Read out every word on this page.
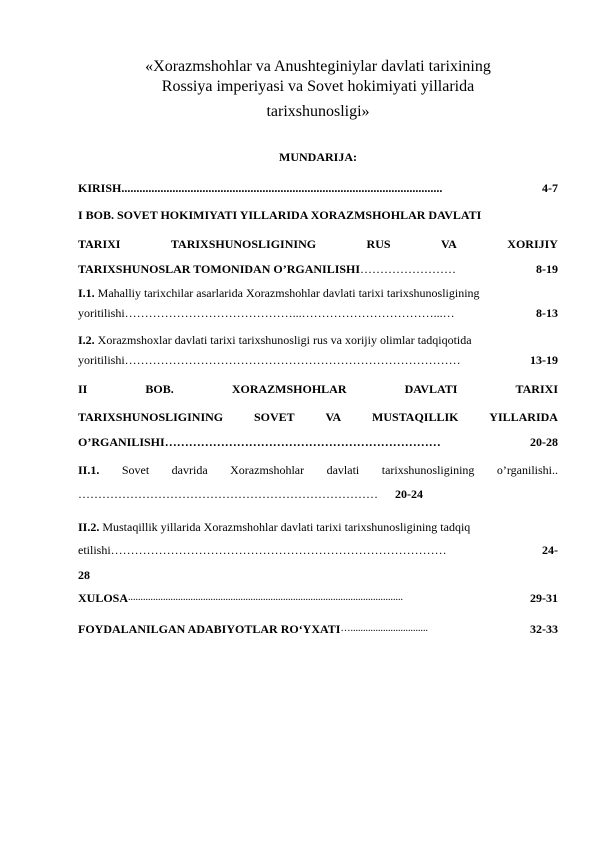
«Xorazmshohlar va Anushteginiylar davlati tarixining
Rossiya imperiyasi va Sovet hokimiyati yillarida
tarixshunosligi»
MUNDARIJA:
KIRISH ...........................................................................................................	4-7
I BOB. SOVET HOKIMIYATI YILLARIDA XORAZMSHOHLAR DAVLATI
TARIXI	TARIXSHUNOSLIGINING	RUS	VA	XORIJIY
TARIXSHUNOSLAR TOMONIDAN O’RGANILISHI ……………………	8-19
I.1. Mahalliy tarixchilar asarlarida Xorazmshohlar davlati tarixi tarixshunosligining
yoritilishi ……………………………………...……………………………...…	8-13
I.2. Xorazmshoxlar davlati tarixi tarixshunosligi rus va xorijiy olimlar tadqiqotida
yoritilishi …………………………………………………………………………	13-19
II	BOB.	XORAZMSHOHLAR	DAVLATI	TARIXI
TARIXSHUNOSLIGINING	SOVET	VA	MUSTAQILLIK	YILLARIDA
O’RGANILISHI ……………………………………………………………	20-28
II.1. Sovet davrida Xorazmshohlar davlati tarixshunosligining o’rganilishi..
………………………………………………………………… 20-24
II.2. Mustaqillik yillarida Xorazmshohlar davlati tarixi tarixshunosligining tadqiq
etilishi …………………………………………………………………………	24-
28
XULOSA ..............................................................................................................	29-31
FOYDALANILGAN ADABIYOTLAR RO‘YXATI …...............................	32-33
